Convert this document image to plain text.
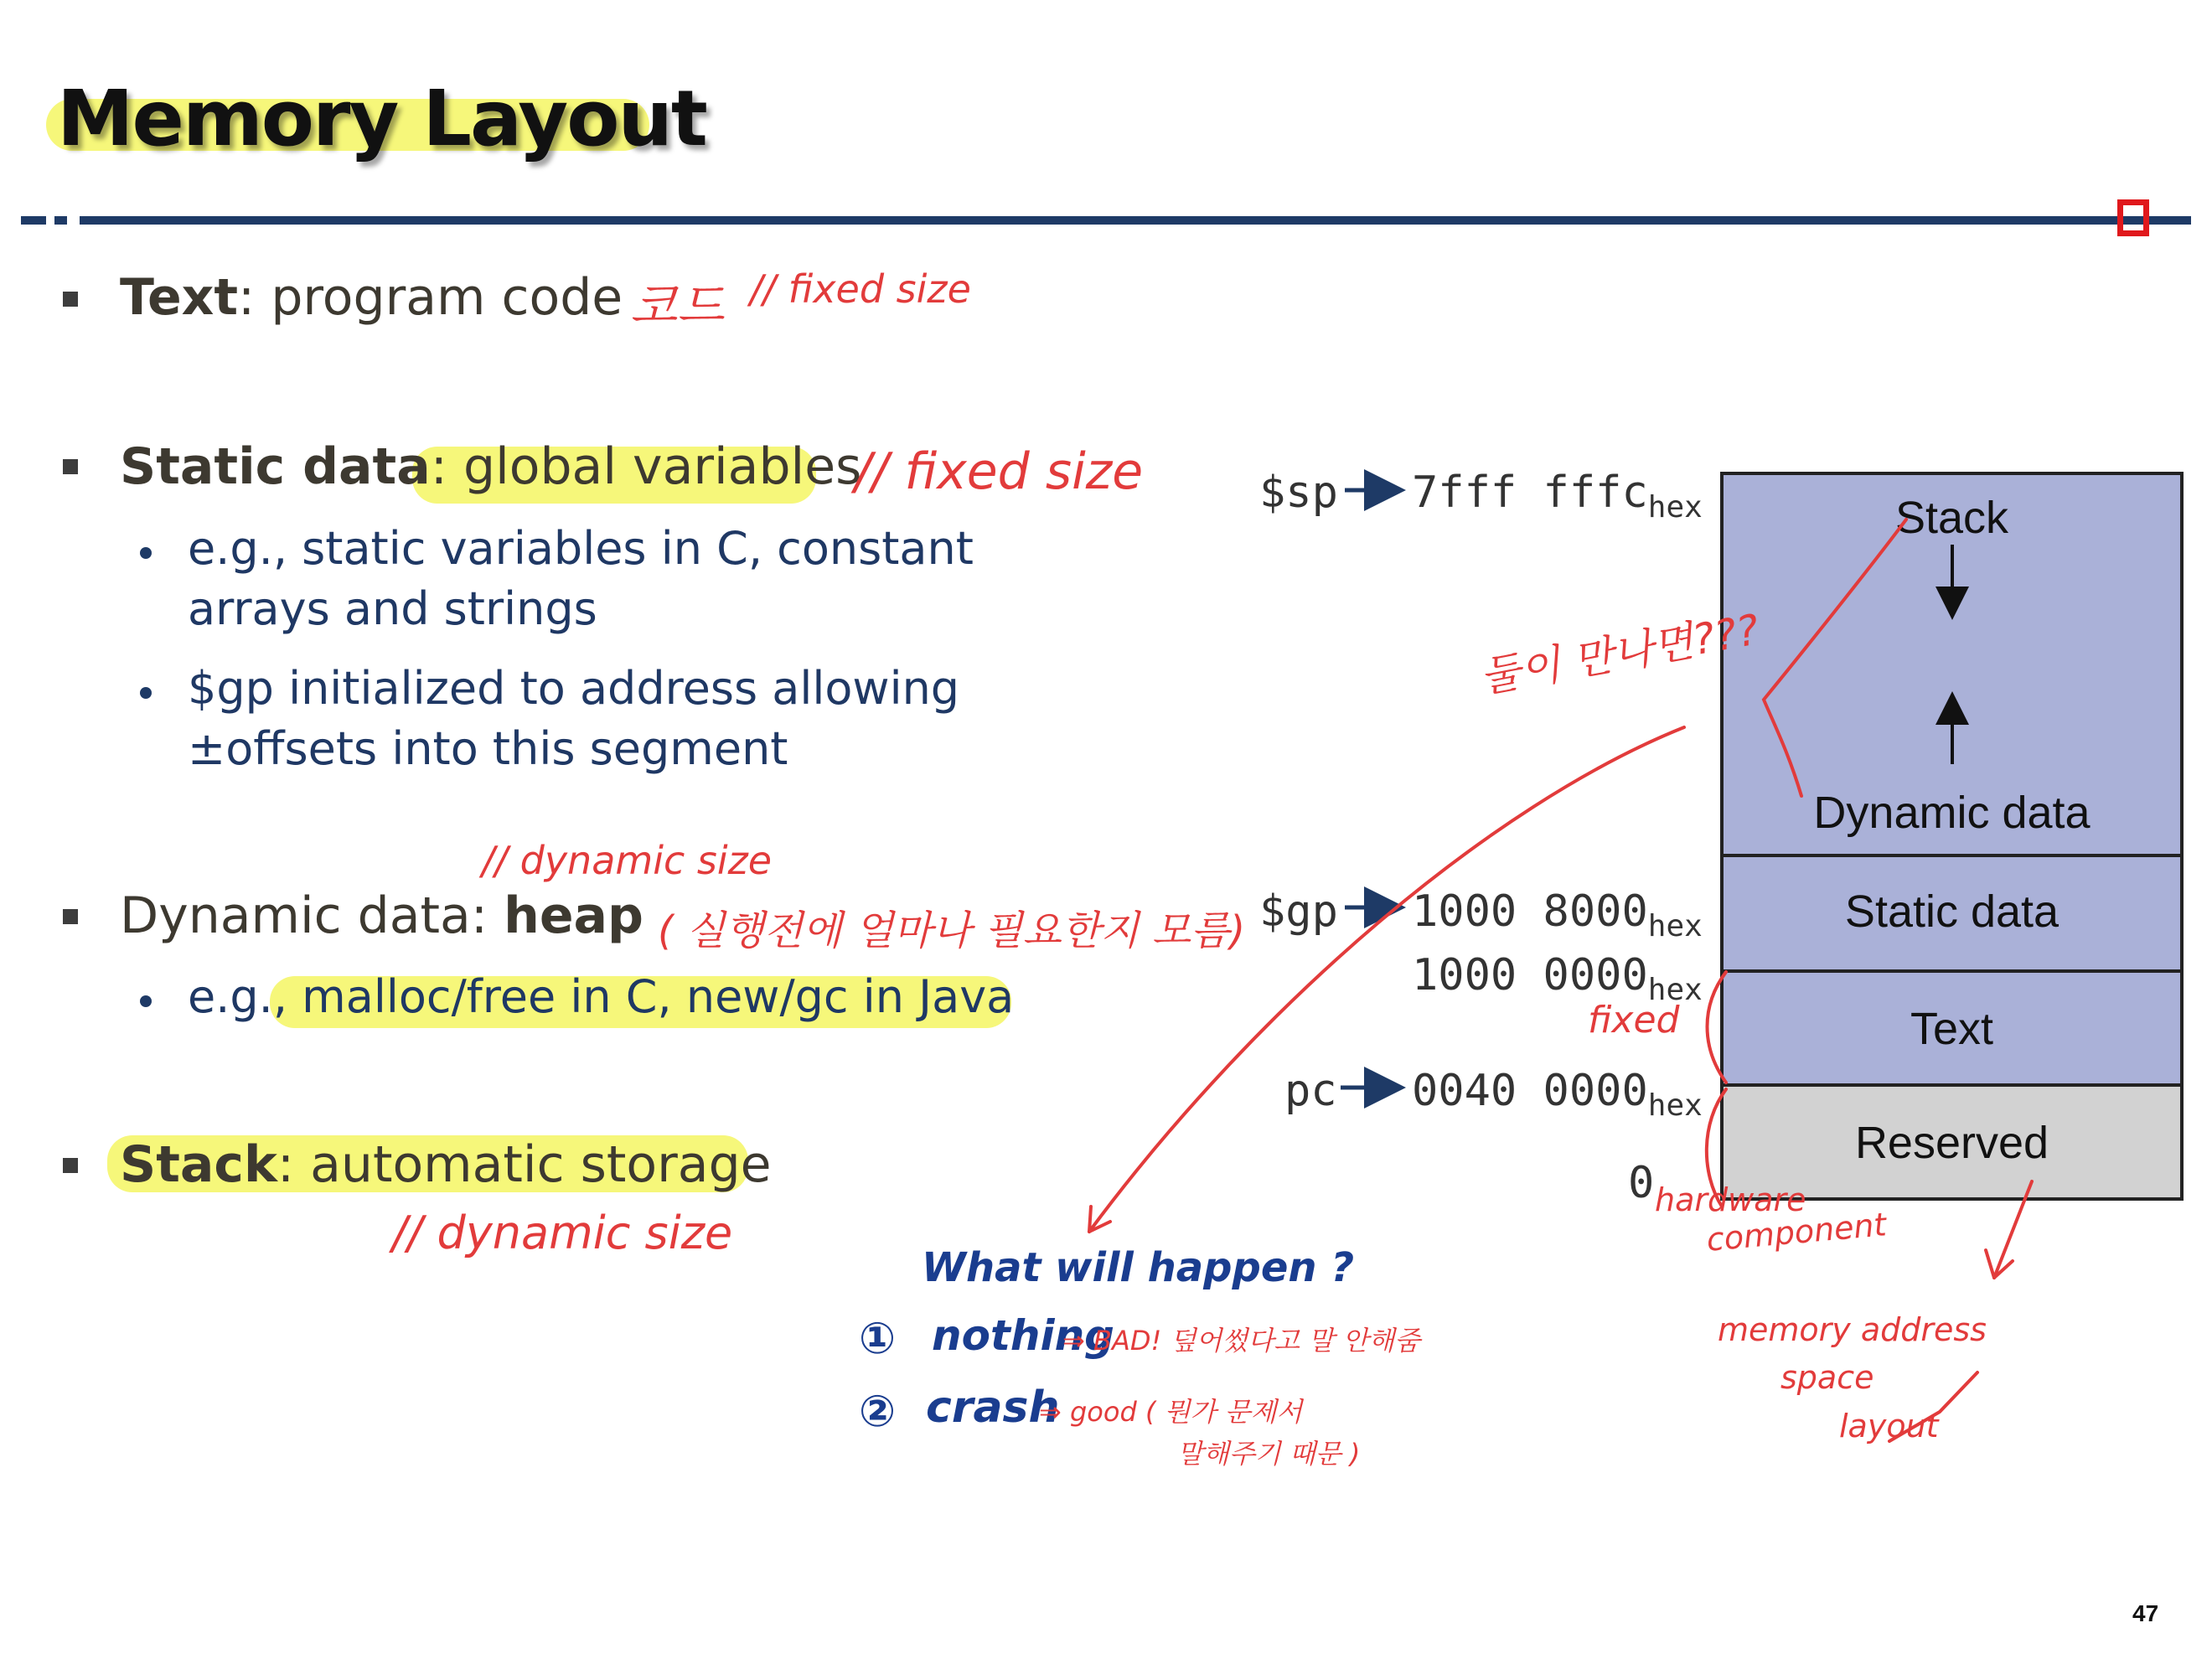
Memory Layout
Text: program code
Static data: global variables
e.g., static variables in C, constant
arrays and strings
$gp initialized to address allowing
±offsets into this segment
Dynamic data: heap
e.g., malloc/free in C, new/gc in Java
Stack: automatic storage
Stack
Dynamic data
Static data
Text
Reserved
$sp 7fff fffc$_{hex}$
$gp 1000 $8000_{hex}$
1000 $0000_{hex}$
pc 0040 $0000_{hex}$
0
코드 // fixed size
// fixed size
// dynamic size
( 실행전에 얼마나 필요한지 모름)
// dynamic size
둘이 만나면???
fixed
hardware
component
memory address
space
layout
What will happen ?
① nothing
⇒ BAD! 덮어썼다고 말 안해줌
② crash
⇒ good ( 뭔가 문제서
말해주기 때문 )
47
